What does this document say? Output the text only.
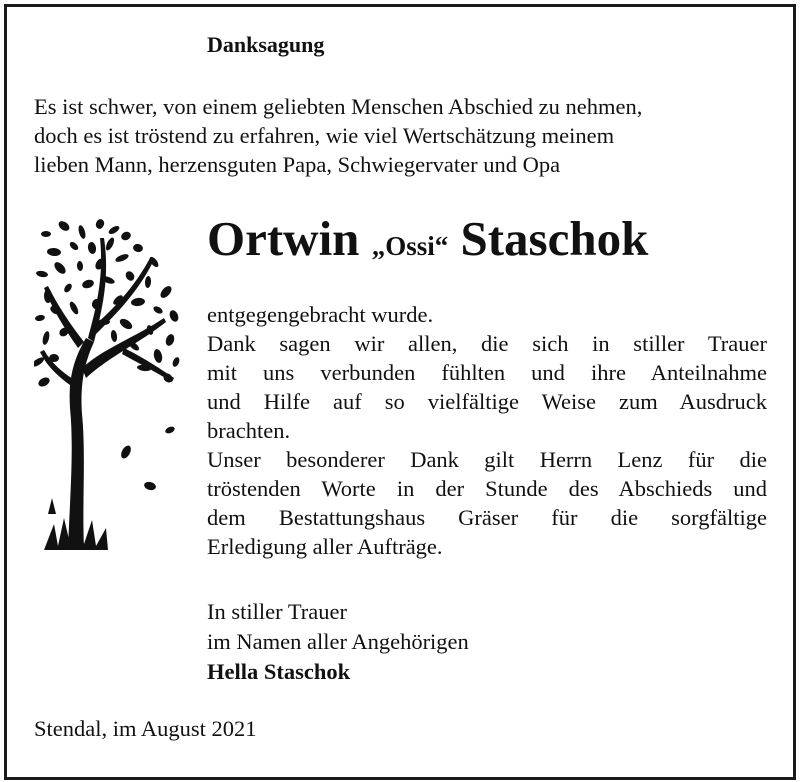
Danksagung
Es ist schwer, von einem geliebten Menschen Abschied zu nehmen,
doch es ist tröstend zu erfahren, wie viel Wertschätzung meinem
lieben Mann, herzensguten Papa, Schwiegervater und Opa
Ortwin „Ossi“ Staschok
entgegengebracht wurde.
Dank sagen wir allen, die sich in stiller Trauer
mit uns verbunden fühlten und ihre Anteilnahme
und Hilfe auf so vielfältige Weise zum Ausdruck
brachten.
Unser besonderer Dank gilt Herrn Lenz für die
tröstenden Worte in der Stunde des Abschieds und
dem Bestattungshaus Gräser für die sorgfältige
Erledigung aller Aufträge.
In stiller Trauer
im Namen aller Angehörigen
Hella Staschok
Stendal, im August 2021
